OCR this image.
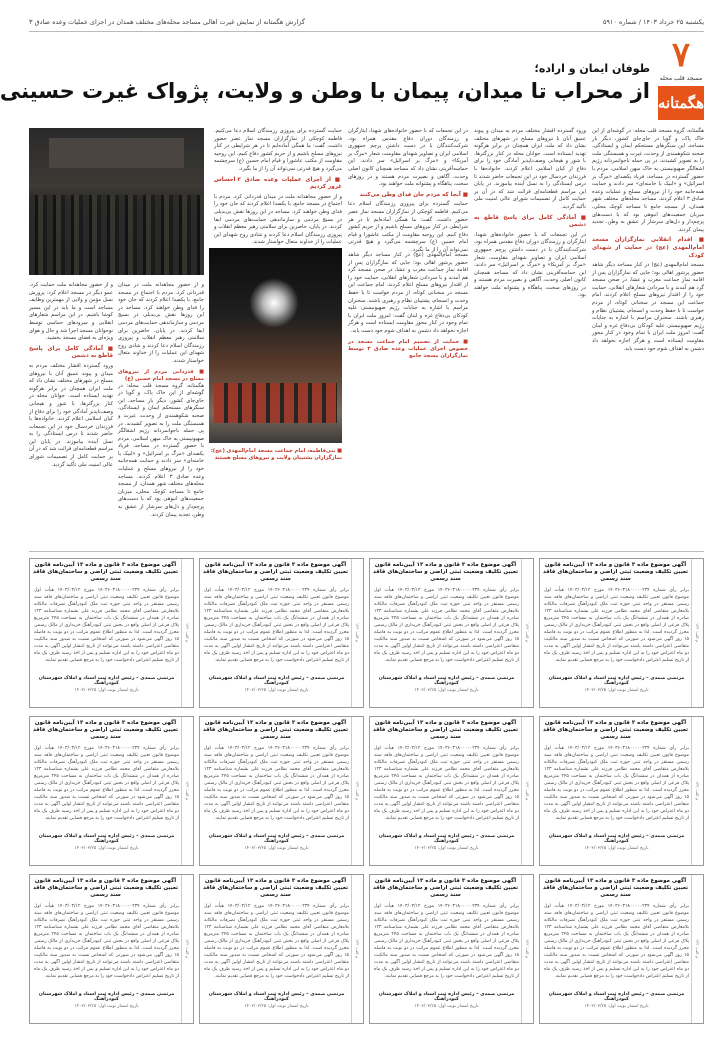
یکشنبه ۲۵ خرداد ۱۴۰۳ / شماره ۵۹۱۰
گزارش هگمتانه از نمایش غیرت اهالی مساجد محله‌های مختلف همدان در اجرای عملیات وعده صادق ۳
۷
مسجد قلب محله
هگمتانه
طوفان ایمان و اراده؛
از محراب تا میدان، پیمان با وطن و ولایت، پژواک غیرت حسینی
هگمتانه، گروه مسجد قلب محله: در گوشه‌ای از این خاک پاک، و گویا در جای‌جای کشور، دیگر بار مساجد، این سنگرهای مستحکم ایمان و ایستادگی، صحنه شکوهمندی از وحدت، غیرت و همبستگی ملت را به تصویر کشیدند. در پی حمله ناجوانمردانه رژیم اشغالگر صهیونیستی به خاک میهن اسلامی، مردم با حضور گسترده در مساجد، فریاد یکصدای «مرگ بر اسرائیل» و «لبیک یا خامنه‌ای» سر دادند و حمایت همه‌جانبه خود را از نیروهای مسلح و عملیات وعده صادق ۳ اعلام کردند. مساجد محله‌های مختلف شهر همدان، از مسجد جامع تا مساجد کوچک محلی، میزبان جمعیت‌های انبوهی بود که با دست‌های پرچم‌دار و دل‌های سرشار از عشق به وطن، تجدید پیمان کردند.
■ اقدام انقلابی نمازگزاران مسجد امام‌المهدی (عج) در حمایت از شهدای کودک
مسجد امام‌المهدی (عج) در کنار مساجد دیگر شاهد حضور پرشور اهالی بود؛ جایی که نمازگزاران پس از اقامه نماز جماعت مغرب و عشا، در صحن مسجد گرد هم آمدند و با سردادن شعارهای انقلابی، حمایت خود را از اقتدار نیروهای مسلح اعلام کردند. امام جماعت این مسجد در سخنانی کوتاه، از مردم خواست تا با حفظ وحدت و انسجام، پشتیبان نظام و رهبری باشند. سخنران مراسم با اشاره به جنایات رژیم صهیونیستی علیه کودکان بی‌دفاع غزه و لبنان گفت: امروز ملت ایران با تمام وجود در کنار محور مقاومت ایستاده است و هرگز اجازه نخواهد داد دشمن به اهداف شوم خود دست یابد.
ورود گسترده اقشار مختلف مردم به میدان و پیوند عمیق آنان با نیروهای مسلح در شهرهای مختلف نشان داد که ملت ایران همچنان در برابر هرگونه تهدید ایستاده است. جوانان محله در کنار بزرگترها، با شور و هیجانی وصف‌ناپذیر آمادگی خود را برای دفاع از کیان اسلامی اعلام کردند. خانواده‌ها با فرزندان خردسال خود در این تجمعات حاضر شدند تا درس ایستادگی را به نسل آینده بیاموزند. در پایان این مراسم قطعنامه‌ای قرائت شد که در آن بر حمایت کامل از تصمیمات شورای عالی امنیت ملی تأکید گردید.
■ آمادگی کامل برای پاسخ قاطع به دشمن
در این تجمعات که با حضور خانواده‌های شهدا، ایثارگران و رزمندگان دوران دفاع مقدس همراه بود، شرکت‌کنندگان با در دست داشتن پرچم جمهوری اسلامی ایران و تصاویر شهدای مقاومت، شعار «مرگ بر آمریکا» و «مرگ بر اسرائیل» سر دادند. این حماسه‌آفرینی نشان داد که مساجد همچنان کانون اصلی وحدت، آگاهی و بصیرت مردم هستند و در روزهای سخت، پناهگاه و پشتوانه ملت خواهند بود.
در این تجمعات که با حضور خانواده‌های شهدا، ایثارگران و رزمندگان دوران دفاع مقدس همراه بود، شرکت‌کنندگان با در دست داشتن پرچم جمهوری اسلامی ایران و تصاویر شهدای مقاومت، شعار «مرگ بر آمریکا» و «مرگ بر اسرائیل» سر دادند. این حماسه‌آفرینی نشان داد که مساجد همچنان کانون اصلی وحدت، آگاهی و بصیرت مردم هستند و در روزهای سخت، پناهگاه و پشتوانه ملت خواهند بود.
■ آنجا که مردم جان فدای وطن می‌کنند
حمایت گسترده برای پیروزی رزمندگان اسلام دعا می‌کنیم. فاطمه کوچکی از نمازگزاران مسجد نماز عصر حضور داشت، گفت: ما همگی آماده‌ایم تا در هر شرایطی در کنار نیروهای مسلح باشیم و از حریم کشور دفاع کنیم. این روحیه مقاومت از مکتب عاشورا و قیام امام حسین (ع) سرچشمه می‌گیرد و هیچ قدرتی نمی‌تواند آن را از ما بگیرد.
حمایت گسترده برای پیروزی رزمندگان اسلام دعا می‌کنیم. فاطمه کوچکی از نمازگزاران مسجد نماز عصر حضور داشت، گفت: ما همگی آماده‌ایم تا در هر شرایطی در کنار نیروهای مسلح باشیم و از حریم کشور دفاع کنیم. این روحیه مقاومت از مکتب عاشورا و قیام امام حسین (ع) سرچشمه می‌گیرد و هیچ قدرتی نمی‌تواند آن را از ما بگیرد.
■ از اجرای عملیات وعده صادق ۳ احساس غرور کردیم
و از حضور مجاهدانه ملت در میدان قدردانی کرد. مردم با اجتماع در مسجد جامع، با یکصدا اعلام کردند که جان خود را فدای وطن خواهند کرد. مساجد در این روزها نقش بی‌بدیلی در بسیج مردمی و سازماندهی حمایت‌های مردمی ایفا کردند. در پایان، حاضرین برای سلامتی رهبر معظم انقلاب و پیروزی رزمندگان اسلام دعا کردند و شادی روح شهدای این عملیات را از خداوند متعال خواستار شدند.
و از حضور مجاهدانه ملت حمایت کرد. عمو دیگر در مسجد اعلام کرد: پرورش نسل مؤمن و ولایی از مهمترین وظایف مساجد است و ما باید در این مسیر کوشا باشیم. در این مراسم شعارهای انقلابی و سرودهای حماسی توسط نوجوانان مسجد اجرا شد و حال و هوای ویژه‌ای به فضای مسجد بخشید.
■ آمادگی کامل برای پاسخ قاطع به دشمن
ورود گسترده اقشار مختلف مردم به میدان و پیوند عمیق آنان با نیروهای مسلح در شهرهای مختلف نشان داد که ملت ایران همچنان در برابر هرگونه تهدید ایستاده است. جوانان محله در کنار بزرگترها، با شور و هیجانی وصف‌ناپذیر آمادگی خود را برای دفاع از کیان اسلامی اعلام کردند. خانواده‌ها با فرزندان خردسال خود در این تجمعات حاضر شدند تا درس ایستادگی را به نسل آینده بیاموزند. در پایان این مراسم قطعنامه‌ای قرائت شد که در آن بر حمایت کامل از تصمیمات شورای عالی امنیت ملی تأکید گردید.
و از حضور مجاهدانه ملت در میدان قدردانی کرد. مردم با اجتماع در مسجد جامع، با یکصدا اعلام کردند که جان خود را فدای وطن خواهند کرد. مساجد در این روزها نقش بی‌بدیلی در بسیج مردمی و سازماندهی حمایت‌های مردمی ایفا کردند. در پایان، حاضرین برای سلامتی رهبر معظم انقلاب و پیروزی رزمندگان اسلام دعا کردند و شادی روح شهدای این عملیات را از خداوند متعال خواستار شدند.
■ قدردانی مردم از نیروهای مسلح در مسجد امام حسین (ع)
هگمتانه، گروه مسجد قلب محله: در گوشه‌ای از این خاک پاک، و گویا در جای‌جای کشور، دیگر بار مساجد، این سنگرهای مستحکم ایمان و ایستادگی، صحنه شکوهمندی از وحدت، غیرت و همبستگی ملت را به تصویر کشیدند. در پی حمله ناجوانمردانه رژیم اشغالگر صهیونیستی به خاک میهن اسلامی، مردم با حضور گسترده در مساجد، فریاد یکصدای «مرگ بر اسرائیل» و «لبیک یا خامنه‌ای» سر دادند و حمایت همه‌جانبه خود را از نیروهای مسلح و عملیات وعده صادق ۳ اعلام کردند. مساجد محله‌های مختلف شهر همدان، از مسجد جامع تا مساجد کوچک محلی، میزبان جمعیت‌های انبوهی بود که با دست‌های پرچم‌دار و دل‌های سرشار از عشق به وطن، تجدید پیمان کردند.
■ بنی‌فاطمه، امام جماعت مسجد امام‌المهدی (عج): نمازگزاران پشتیبان ولایت و نیروهای مسلح هستند
مسجد امام‌المهدی (عج) در کنار مساجد دیگر شاهد حضور پرشور اهالی بود؛ جایی که نمازگزاران پس از اقامه نماز جماعت مغرب و عشا، در صحن مسجد گرد هم آمدند و با سردادن شعارهای انقلابی، حمایت خود را از اقتدار نیروهای مسلح اعلام کردند. امام جماعت این مسجد در سخنانی کوتاه، از مردم خواست تا با حفظ وحدت و انسجام، پشتیبان نظام و رهبری باشند. سخنران مراسم با اشاره به جنایات رژیم صهیونیستی علیه کودکان بی‌دفاع غزه و لبنان گفت: امروز ملت ایران با تمام وجود در کنار محور مقاومت ایستاده است و هرگز اجازه نخواهد داد دشمن به اهداف شوم خود دست یابد.
■ حمایت از تصمیم امام جماعت مسجد در خصوص اجرای عملیات وعده صادق ۳ توسط نمازگزاران مسجد جامع
م الف: ۱۴۲
آگهی موضوع ماده ۳ قانون و ماده ۱۳ آیین‌نامه قانون تعیین تکلیف وضعیت ثبتی اراضی و ساختمان‌های فاقد سند رسمی
برابر رأی شماره ۱۴۰۳۶۰۳۱۸۰۰۰۰۰۲۳۴ مورخ ۱۴۰۳/۰۳/۱۲ هیأت اول موضوع قانون تعیین تکلیف وضعیت ثبتی اراضی و ساختمان‌های فاقد سند رسمی مستقر در واحد ثبتی حوزه ثبت ملک کبودرآهنگ تصرفات مالکانه بلامعارض متقاضی آقای محمد نظامی فرزند علی بشماره شناسنامه ۱۲۳ صادره از همدان در ششدانگ یک باب ساختمان به مساحت ۲۴۵ مترمربع پلاک فرعی از اصلی واقع در بخش ثبتی کبودرآهنگ خریداری از مالک رسمی محرز گردیده است. لذا به منظور اطلاع عموم مراتب در دو نوبت به فاصله ۱۵ روز آگهی می‌شود در صورتی که اشخاص نسبت به صدور سند مالکیت متقاضی اعتراضی داشته باشند می‌توانند از تاریخ انتشار اولین آگهی به مدت دو ماه اعتراض خود را به این اداره تسلیم و پس از اخذ رسید ظرف یک ماه از تاریخ تسلیم اعتراض دادخواست خود را به مرجع قضایی تقدیم نمایند.
مرتضی صمدی – رئیس اداره ثبت اسناد و املاک شهرستان کبودرآهنگ
تاریخ انتشار نوبت اول: ۱۴۰۳/۰۳/۲۵
م الف: ۱۴۲
آگهی موضوع ماده ۳ قانون و ماده ۱۳ آیین‌نامه قانون تعیین تکلیف وضعیت ثبتی اراضی و ساختمان‌های فاقد سند رسمی
برابر رأی شماره ۱۴۰۳۶۰۳۱۸۰۰۰۰۰۲۳۴ مورخ ۱۴۰۳/۰۳/۱۲ هیأت اول موضوع قانون تعیین تکلیف وضعیت ثبتی اراضی و ساختمان‌های فاقد سند رسمی مستقر در واحد ثبتی حوزه ثبت ملک کبودرآهنگ تصرفات مالکانه بلامعارض متقاضی آقای محمد نظامی فرزند علی بشماره شناسنامه ۱۲۳ صادره از همدان در ششدانگ یک باب ساختمان به مساحت ۲۴۵ مترمربع پلاک فرعی از اصلی واقع در بخش ثبتی کبودرآهنگ خریداری از مالک رسمی محرز گردیده است. لذا به منظور اطلاع عموم مراتب در دو نوبت به فاصله ۱۵ روز آگهی می‌شود در صورتی که اشخاص نسبت به صدور سند مالکیت متقاضی اعتراضی داشته باشند می‌توانند از تاریخ انتشار اولین آگهی به مدت دو ماه اعتراض خود را به این اداره تسلیم و پس از اخذ رسید ظرف یک ماه از تاریخ تسلیم اعتراض دادخواست خود را به مرجع قضایی تقدیم نمایند.
مرتضی صمدی – رئیس اداره ثبت اسناد و املاک شهرستان کبودرآهنگ
تاریخ انتشار نوبت اول: ۱۴۰۳/۰۳/۲۵
م الف: ۱۴۲
آگهی موضوع ماده ۳ قانون و ماده ۱۳ آیین‌نامه قانون تعیین تکلیف وضعیت ثبتی اراضی و ساختمان‌های فاقد سند رسمی
برابر رأی شماره ۱۴۰۳۶۰۳۱۸۰۰۰۰۰۲۳۴ مورخ ۱۴۰۳/۰۳/۱۲ هیأت اول موضوع قانون تعیین تکلیف وضعیت ثبتی اراضی و ساختمان‌های فاقد سند رسمی مستقر در واحد ثبتی حوزه ثبت ملک کبودرآهنگ تصرفات مالکانه بلامعارض متقاضی آقای محمد نظامی فرزند علی بشماره شناسنامه ۱۲۳ صادره از همدان در ششدانگ یک باب ساختمان به مساحت ۲۴۵ مترمربع پلاک فرعی از اصلی واقع در بخش ثبتی کبودرآهنگ خریداری از مالک رسمی محرز گردیده است. لذا به منظور اطلاع عموم مراتب در دو نوبت به فاصله ۱۵ روز آگهی می‌شود در صورتی که اشخاص نسبت به صدور سند مالکیت متقاضی اعتراضی داشته باشند می‌توانند از تاریخ انتشار اولین آگهی به مدت دو ماه اعتراض خود را به این اداره تسلیم و پس از اخذ رسید ظرف یک ماه از تاریخ تسلیم اعتراض دادخواست خود را به مرجع قضایی تقدیم نمایند.
مرتضی صمدی – رئیس اداره ثبت اسناد و املاک شهرستان کبودرآهنگ
تاریخ انتشار نوبت اول: ۱۴۰۳/۰۳/۲۵
م الف: ۱۴۲
آگهی موضوع ماده ۳ قانون و ماده ۱۳ آیین‌نامه قانون تعیین تکلیف وضعیت ثبتی اراضی و ساختمان‌های فاقد سند رسمی
برابر رأی شماره ۱۴۰۳۶۰۳۱۸۰۰۰۰۰۲۳۴ مورخ ۱۴۰۳/۰۳/۱۲ هیأت اول موضوع قانون تعیین تکلیف وضعیت ثبتی اراضی و ساختمان‌های فاقد سند رسمی مستقر در واحد ثبتی حوزه ثبت ملک کبودرآهنگ تصرفات مالکانه بلامعارض متقاضی آقای محمد نظامی فرزند علی بشماره شناسنامه ۱۲۳ صادره از همدان در ششدانگ یک باب ساختمان به مساحت ۲۴۵ مترمربع پلاک فرعی از اصلی واقع در بخش ثبتی کبودرآهنگ خریداری از مالک رسمی محرز گردیده است. لذا به منظور اطلاع عموم مراتب در دو نوبت به فاصله ۱۵ روز آگهی می‌شود در صورتی که اشخاص نسبت به صدور سند مالکیت متقاضی اعتراضی داشته باشند می‌توانند از تاریخ انتشار اولین آگهی به مدت دو ماه اعتراض خود را به این اداره تسلیم و پس از اخذ رسید ظرف یک ماه از تاریخ تسلیم اعتراض دادخواست خود را به مرجع قضایی تقدیم نمایند.
مرتضی صمدی – رئیس اداره ثبت اسناد و املاک شهرستان کبودرآهنگ
تاریخ انتشار نوبت اول: ۱۴۰۳/۰۳/۲۵
م الف: ۱۴۲
آگهی موضوع ماده ۳ قانون و ماده ۱۳ آیین‌نامه قانون تعیین تکلیف وضعیت ثبتی اراضی و ساختمان‌های فاقد سند رسمی
برابر رأی شماره ۱۴۰۳۶۰۳۱۸۰۰۰۰۰۲۳۴ مورخ ۱۴۰۳/۰۳/۱۲ هیأت اول موضوع قانون تعیین تکلیف وضعیت ثبتی اراضی و ساختمان‌های فاقد سند رسمی مستقر در واحد ثبتی حوزه ثبت ملک کبودرآهنگ تصرفات مالکانه بلامعارض متقاضی آقای محمد نظامی فرزند علی بشماره شناسنامه ۱۲۳ صادره از همدان در ششدانگ یک باب ساختمان به مساحت ۲۴۵ مترمربع پلاک فرعی از اصلی واقع در بخش ثبتی کبودرآهنگ خریداری از مالک رسمی محرز گردیده است. لذا به منظور اطلاع عموم مراتب در دو نوبت به فاصله ۱۵ روز آگهی می‌شود در صورتی که اشخاص نسبت به صدور سند مالکیت متقاضی اعتراضی داشته باشند می‌توانند از تاریخ انتشار اولین آگهی به مدت دو ماه اعتراض خود را به این اداره تسلیم و پس از اخذ رسید ظرف یک ماه از تاریخ تسلیم اعتراض دادخواست خود را به مرجع قضایی تقدیم نمایند.
مرتضی صمدی – رئیس اداره ثبت اسناد و املاک شهرستان کبودرآهنگ
تاریخ انتشار نوبت اول: ۱۴۰۳/۰۳/۲۵
م الف: ۱۴۲
آگهی موضوع ماده ۳ قانون و ماده ۱۳ آیین‌نامه قانون تعیین تکلیف وضعیت ثبتی اراضی و ساختمان‌های فاقد سند رسمی
برابر رأی شماره ۱۴۰۳۶۰۳۱۸۰۰۰۰۰۲۳۴ مورخ ۱۴۰۳/۰۳/۱۲ هیأت اول موضوع قانون تعیین تکلیف وضعیت ثبتی اراضی و ساختمان‌های فاقد سند رسمی مستقر در واحد ثبتی حوزه ثبت ملک کبودرآهنگ تصرفات مالکانه بلامعارض متقاضی آقای محمد نظامی فرزند علی بشماره شناسنامه ۱۲۳ صادره از همدان در ششدانگ یک باب ساختمان به مساحت ۲۴۵ مترمربع پلاک فرعی از اصلی واقع در بخش ثبتی کبودرآهنگ خریداری از مالک رسمی محرز گردیده است. لذا به منظور اطلاع عموم مراتب در دو نوبت به فاصله ۱۵ روز آگهی می‌شود در صورتی که اشخاص نسبت به صدور سند مالکیت متقاضی اعتراضی داشته باشند می‌توانند از تاریخ انتشار اولین آگهی به مدت دو ماه اعتراض خود را به این اداره تسلیم و پس از اخذ رسید ظرف یک ماه از تاریخ تسلیم اعتراض دادخواست خود را به مرجع قضایی تقدیم نمایند.
مرتضی صمدی – رئیس اداره ثبت اسناد و املاک شهرستان کبودرآهنگ
تاریخ انتشار نوبت اول: ۱۴۰۳/۰۳/۲۵
م الف: ۱۴۲
آگهی موضوع ماده ۳ قانون و ماده ۱۳ آیین‌نامه قانون تعیین تکلیف وضعیت ثبتی اراضی و ساختمان‌های فاقد سند رسمی
برابر رأی شماره ۱۴۰۳۶۰۳۱۸۰۰۰۰۰۲۳۴ مورخ ۱۴۰۳/۰۳/۱۲ هیأت اول موضوع قانون تعیین تکلیف وضعیت ثبتی اراضی و ساختمان‌های فاقد سند رسمی مستقر در واحد ثبتی حوزه ثبت ملک کبودرآهنگ تصرفات مالکانه بلامعارض متقاضی آقای محمد نظامی فرزند علی بشماره شناسنامه ۱۲۳ صادره از همدان در ششدانگ یک باب ساختمان به مساحت ۲۴۵ مترمربع پلاک فرعی از اصلی واقع در بخش ثبتی کبودرآهنگ خریداری از مالک رسمی محرز گردیده است. لذا به منظور اطلاع عموم مراتب در دو نوبت به فاصله ۱۵ روز آگهی می‌شود در صورتی که اشخاص نسبت به صدور سند مالکیت متقاضی اعتراضی داشته باشند می‌توانند از تاریخ انتشار اولین آگهی به مدت دو ماه اعتراض خود را به این اداره تسلیم و پس از اخذ رسید ظرف یک ماه از تاریخ تسلیم اعتراض دادخواست خود را به مرجع قضایی تقدیم نمایند.
مرتضی صمدی – رئیس اداره ثبت اسناد و املاک شهرستان کبودرآهنگ
تاریخ انتشار نوبت اول: ۱۴۰۳/۰۳/۲۵
م الف: ۱۴۲
آگهی موضوع ماده ۳ قانون و ماده ۱۳ آیین‌نامه قانون تعیین تکلیف وضعیت ثبتی اراضی و ساختمان‌های فاقد سند رسمی
برابر رأی شماره ۱۴۰۳۶۰۳۱۸۰۰۰۰۰۲۳۴ مورخ ۱۴۰۳/۰۳/۱۲ هیأت اول موضوع قانون تعیین تکلیف وضعیت ثبتی اراضی و ساختمان‌های فاقد سند رسمی مستقر در واحد ثبتی حوزه ثبت ملک کبودرآهنگ تصرفات مالکانه بلامعارض متقاضی آقای محمد نظامی فرزند علی بشماره شناسنامه ۱۲۳ صادره از همدان در ششدانگ یک باب ساختمان به مساحت ۲۴۵ مترمربع پلاک فرعی از اصلی واقع در بخش ثبتی کبودرآهنگ خریداری از مالک رسمی محرز گردیده است. لذا به منظور اطلاع عموم مراتب در دو نوبت به فاصله ۱۵ روز آگهی می‌شود در صورتی که اشخاص نسبت به صدور سند مالکیت متقاضی اعتراضی داشته باشند می‌توانند از تاریخ انتشار اولین آگهی به مدت دو ماه اعتراض خود را به این اداره تسلیم و پس از اخذ رسید ظرف یک ماه از تاریخ تسلیم اعتراض دادخواست خود را به مرجع قضایی تقدیم نمایند.
مرتضی صمدی – رئیس اداره ثبت اسناد و املاک شهرستان کبودرآهنگ
تاریخ انتشار نوبت اول: ۱۴۰۳/۰۳/۲۵
م الف: ۱۴۲
آگهی موضوع ماده ۳ قانون و ماده ۱۳ آیین‌نامه قانون تعیین تکلیف وضعیت ثبتی اراضی و ساختمان‌های فاقد سند رسمی
برابر رأی شماره ۱۴۰۳۶۰۳۱۸۰۰۰۰۰۲۳۴ مورخ ۱۴۰۳/۰۳/۱۲ هیأت اول موضوع قانون تعیین تکلیف وضعیت ثبتی اراضی و ساختمان‌های فاقد سند رسمی مستقر در واحد ثبتی حوزه ثبت ملک کبودرآهنگ تصرفات مالکانه بلامعارض متقاضی آقای محمد نظامی فرزند علی بشماره شناسنامه ۱۲۳ صادره از همدان در ششدانگ یک باب ساختمان به مساحت ۲۴۵ مترمربع پلاک فرعی از اصلی واقع در بخش ثبتی کبودرآهنگ خریداری از مالک رسمی محرز گردیده است. لذا به منظور اطلاع عموم مراتب در دو نوبت به فاصله ۱۵ روز آگهی می‌شود در صورتی که اشخاص نسبت به صدور سند مالکیت متقاضی اعتراضی داشته باشند می‌توانند از تاریخ انتشار اولین آگهی به مدت دو ماه اعتراض خود را به این اداره تسلیم و پس از اخذ رسید ظرف یک ماه از تاریخ تسلیم اعتراض دادخواست خود را به مرجع قضایی تقدیم نمایند.
مرتضی صمدی – رئیس اداره ثبت اسناد و املاک شهرستان کبودرآهنگ
تاریخ انتشار نوبت اول: ۱۴۰۳/۰۳/۲۵
م الف: ۱۴۲
آگهی موضوع ماده ۳ قانون و ماده ۱۳ آیین‌نامه قانون تعیین تکلیف وضعیت ثبتی اراضی و ساختمان‌های فاقد سند رسمی
برابر رأی شماره ۱۴۰۳۶۰۳۱۸۰۰۰۰۰۲۳۴ مورخ ۱۴۰۳/۰۳/۱۲ هیأت اول موضوع قانون تعیین تکلیف وضعیت ثبتی اراضی و ساختمان‌های فاقد سند رسمی مستقر در واحد ثبتی حوزه ثبت ملک کبودرآهنگ تصرفات مالکانه بلامعارض متقاضی آقای محمد نظامی فرزند علی بشماره شناسنامه ۱۲۳ صادره از همدان در ششدانگ یک باب ساختمان به مساحت ۲۴۵ مترمربع پلاک فرعی از اصلی واقع در بخش ثبتی کبودرآهنگ خریداری از مالک رسمی محرز گردیده است. لذا به منظور اطلاع عموم مراتب در دو نوبت به فاصله ۱۵ روز آگهی می‌شود در صورتی که اشخاص نسبت به صدور سند مالکیت متقاضی اعتراضی داشته باشند می‌توانند از تاریخ انتشار اولین آگهی به مدت دو ماه اعتراض خود را به این اداره تسلیم و پس از اخذ رسید ظرف یک ماه از تاریخ تسلیم اعتراض دادخواست خود را به مرجع قضایی تقدیم نمایند.
مرتضی صمدی – رئیس اداره ثبت اسناد و املاک شهرستان کبودرآهنگ
تاریخ انتشار نوبت اول: ۱۴۰۳/۰۳/۲۵
م الف: ۱۴۲
آگهی موضوع ماده ۳ قانون و ماده ۱۳ آیین‌نامه قانون تعیین تکلیف وضعیت ثبتی اراضی و ساختمان‌های فاقد سند رسمی
برابر رأی شماره ۱۴۰۳۶۰۳۱۸۰۰۰۰۰۲۳۴ مورخ ۱۴۰۳/۰۳/۱۲ هیأت اول موضوع قانون تعیین تکلیف وضعیت ثبتی اراضی و ساختمان‌های فاقد سند رسمی مستقر در واحد ثبتی حوزه ثبت ملک کبودرآهنگ تصرفات مالکانه بلامعارض متقاضی آقای محمد نظامی فرزند علی بشماره شناسنامه ۱۲۳ صادره از همدان در ششدانگ یک باب ساختمان به مساحت ۲۴۵ مترمربع پلاک فرعی از اصلی واقع در بخش ثبتی کبودرآهنگ خریداری از مالک رسمی محرز گردیده است. لذا به منظور اطلاع عموم مراتب در دو نوبت به فاصله ۱۵ روز آگهی می‌شود در صورتی که اشخاص نسبت به صدور سند مالکیت متقاضی اعتراضی داشته باشند می‌توانند از تاریخ انتشار اولین آگهی به مدت دو ماه اعتراض خود را به این اداره تسلیم و پس از اخذ رسید ظرف یک ماه از تاریخ تسلیم اعتراض دادخواست خود را به مرجع قضایی تقدیم نمایند.
مرتضی صمدی – رئیس اداره ثبت اسناد و املاک شهرستان کبودرآهنگ
تاریخ انتشار نوبت اول: ۱۴۰۳/۰۳/۲۵
م الف: ۱۴۲
آگهی موضوع ماده ۳ قانون و ماده ۱۳ آیین‌نامه قانون تعیین تکلیف وضعیت ثبتی اراضی و ساختمان‌های فاقد سند رسمی
برابر رأی شماره ۱۴۰۳۶۰۳۱۸۰۰۰۰۰۲۳۴ مورخ ۱۴۰۳/۰۳/۱۲ هیأت اول موضوع قانون تعیین تکلیف وضعیت ثبتی اراضی و ساختمان‌های فاقد سند رسمی مستقر در واحد ثبتی حوزه ثبت ملک کبودرآهنگ تصرفات مالکانه بلامعارض متقاضی آقای محمد نظامی فرزند علی بشماره شناسنامه ۱۲۳ صادره از همدان در ششدانگ یک باب ساختمان به مساحت ۲۴۵ مترمربع پلاک فرعی از اصلی واقع در بخش ثبتی کبودرآهنگ خریداری از مالک رسمی محرز گردیده است. لذا به منظور اطلاع عموم مراتب در دو نوبت به فاصله ۱۵ روز آگهی می‌شود در صورتی که اشخاص نسبت به صدور سند مالکیت متقاضی اعتراضی داشته باشند می‌توانند از تاریخ انتشار اولین آگهی به مدت دو ماه اعتراض خود را به این اداره تسلیم و پس از اخذ رسید ظرف یک ماه از تاریخ تسلیم اعتراض دادخواست خود را به مرجع قضایی تقدیم نمایند.
مرتضی صمدی – رئیس اداره ثبت اسناد و املاک شهرستان کبودرآهنگ
تاریخ انتشار نوبت اول: ۱۴۰۳/۰۳/۲۵
